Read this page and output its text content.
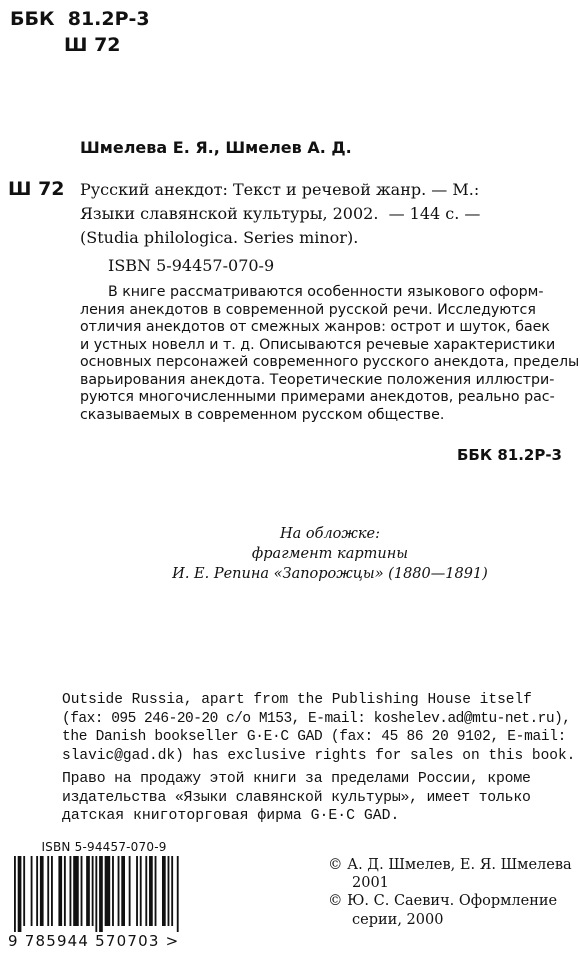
ББК  81.2Р-3
Ш 72
Шмелева Е. Я., Шмелев А. Д.
Ш 72 Русский анекдот: Текст и речевой жанр. — М.:
Языки славянской культуры, 2002.  — 144 с. —
(Studia philologica. Series minor).
ISBN 5-94457-070-9
В книге рассматриваются особенности языкового оформ-
ления анекдотов в современной русской речи. Исследуются
отличия анекдотов от смежных жанров: острот и шуток, баек
и устных новелл и т. д. Описываются речевые характеристики
основных персонажей современного русского анекдота, пределы
варьирования анекдота. Теоретические положения иллюстри-
руются многочисленными примерами анекдотов, реально рас-
сказываемых в современном русском обществе.
ББК 81.2Р-3
На обложке:
фрагмент картины
И. Е. Репина «Запорожцы» (1880—1891)
Outside Russia, apart from the Publishing House itself
(fax: 095 246-20-20 c/o M153, E-mail: koshelev.ad@mtu-net.ru),
the Danish bookseller G·E·C GAD (fax: 45 86 20 9102, E-mail:
slavic@gad.dk) has exclusive rights for sales on this book.
Право на продажу этой книги за пределами России, кроме
издательства «Языки славянской культуры», имеет только
датская книготорговая фирма G·E·C GAD.
ISBN 5-94457-070-9
9 785944 570703 >
© А. Д. Шмелев, Е. Я. Шмелева
2001
© Ю. С. Саевич. Оформление
серии, 2000
